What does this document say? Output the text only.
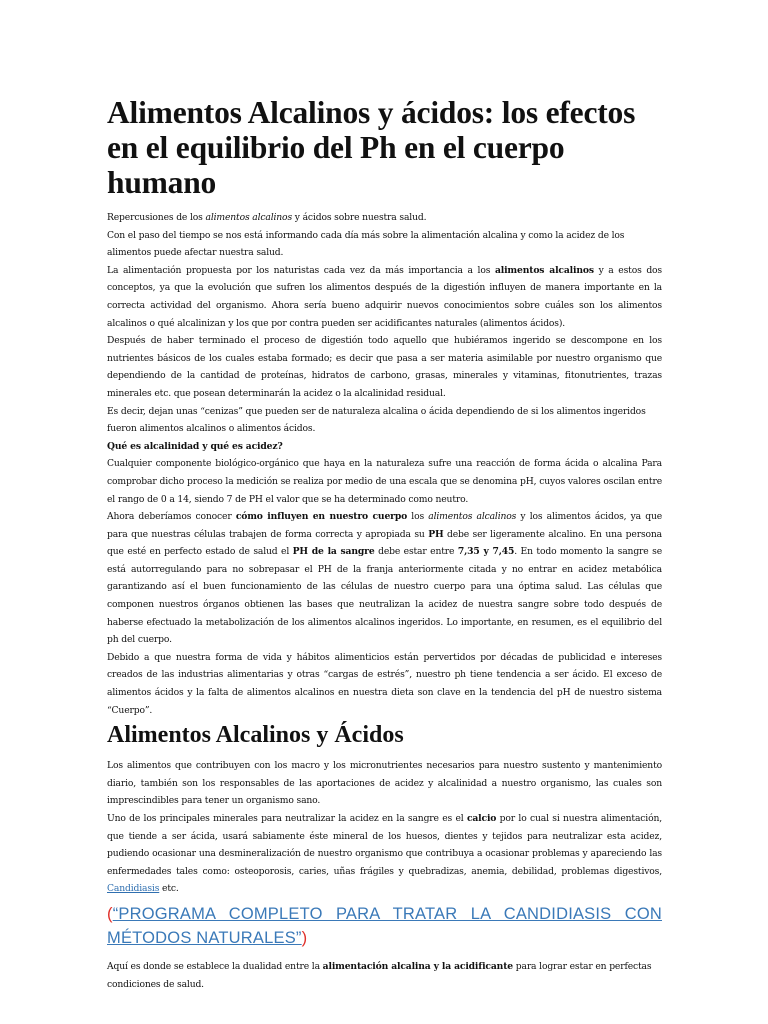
Alimentos Alcalinos y ácidos: los efectos en el equilibrio del Ph en el cuerpo humano

Repercusiones de los alimentos alcalinos y ácidos sobre nuestra salud.

Con el paso del tiempo se nos está informando cada día más sobre la alimentación alcalina y como la acidez de los alimentos puede afectar nuestra salud.

La alimentación propuesta por los naturistas cada vez da más importancia a los alimentos alcalinos y a estos dos conceptos, ya que la evolución que sufren los alimentos después de la digestión influyen de manera importante en la correcta actividad del organismo. Ahora sería bueno adquirir nuevos conocimientos sobre cuáles son los alimentos alcalinos o qué alcalinizan y los que por contra pueden ser acidificantes naturales (alimentos ácidos).

Después de haber terminado el proceso de digestión todo aquello que hubiéramos ingerido se descompone en los nutrientes básicos de los cuales estaba formado; es decir que pasa a ser materia asimilable por nuestro organismo que dependiendo de la cantidad de proteínas, hidratos de carbono, grasas, minerales y vitaminas, fitonutrientes, trazas minerales etc. que posean determinarán la acidez o la alcalinidad residual.

Es decir, dejan unas “cenizas” que pueden ser de naturaleza alcalina o ácida dependiendo de si los alimentos ingeridos fueron alimentos alcalinos o alimentos ácidos.

Qué es alcalinidad y qué es acidez?

Cualquier componente biológico-orgánico que haya en la naturaleza sufre una reacción de forma ácida o alcalina Para comprobar dicho proceso la medición se realiza por medio de una escala que se denomina pH, cuyos valores oscilan entre el rango de 0 a 14, siendo 7 de PH el valor que se ha determinado como neutro.

Ahora deberíamos conocer cómo influyen en nuestro cuerpo los alimentos alcalinos y los alimentos ácidos, ya que para que nuestras células trabajen de forma correcta y apropiada su PH debe ser ligeramente alcalino. En una persona que esté en perfecto estado de salud el PH de la sangre debe estar entre 7,35 y 7,45. En todo momento la sangre se está autorregulando para no sobrepasar el PH de la franja anteriormente citada y no entrar en acidez metabólica garantizando así el buen funcionamiento de las células de nuestro cuerpo para una óptima salud. Las células que componen nuestros órganos obtienen las bases que neutralizan la acidez de nuestra sangre sobre todo después de haberse efectuado la metabolización de los alimentos alcalinos ingeridos. Lo importante, en resumen, es el equilibrio del ph del cuerpo.

Debido a que nuestra forma de vida y hábitos alimenticios están pervertidos por décadas de publicidad e intereses creados de las industrias alimentarias y otras “cargas de estrés”, nuestro ph tiene tendencia a ser ácido. El exceso de alimentos ácidos y la falta de alimentos alcalinos en nuestra dieta son clave en la tendencia del pH de nuestro sistema “Cuerpo”.

Alimentos Alcalinos y Ácidos

Los alimentos que contribuyen con los macro y los micronutrientes necesarios para nuestro sustento y mantenimiento diario, también son los responsables de las aportaciones de acidez y alcalinidad a nuestro organismo, las cuales son imprescindibles para tener un organismo sano.

Uno de los principales minerales para neutralizar la acidez en la sangre es el calcio por lo cual si nuestra alimentación, que tiende a ser ácida, usará sabiamente éste mineral de los huesos, dientes y tejidos para neutralizar esta acidez, pudiendo ocasionar una desmineralización de nuestro organismo que contribuya a ocasionar problemas y apareciendo las enfermedades tales como: osteoporosis, caries, uñas frágiles y quebradizas, anemia, debilidad, problemas digestivos, Candidiasis etc.

(“PROGRAMA COMPLETO PARA TRATAR LA CANDIDIASIS CON MÉTODOS NATURALES”)

Aquí es donde se establece la dualidad entre la alimentación alcalina y la acidificante para lograr estar en perfectas condiciones de salud.
